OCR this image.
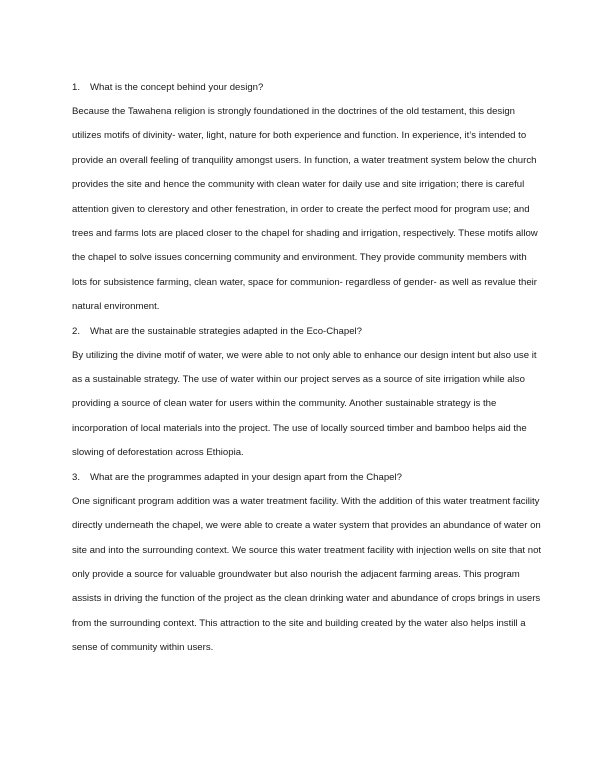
1. What is the concept behind your design?
Because the Tawahena religion is strongly foundationed in the doctrines of the old testament, this design utilizes motifs of divinity- water, light, nature for both experience and function. In experience, it’s intended to provide an overall feeling of tranquility amongst users. In function, a water treatment system below the church provides the site and hence the community with clean water for daily use and site irrigation; there is careful attention given to clerestory and other fenestration, in order to create the perfect mood for program use; and trees and farms lots are placed closer to the chapel for shading and irrigation, respectively. These motifs allow the chapel to solve issues concerning community and environment. They provide community members with lots for subsistence farming, clean water, space for communion- regardless of gender- as well as revalue their natural environment.
2. What are the sustainable strategies adapted in the Eco-Chapel?
By utilizing the divine motif of water, we were able to not only able to enhance our design intent but also use it as a sustainable strategy. The use of water within our project serves as a source of site irrigation while also providing a source of clean water for users within the community. Another sustainable strategy is the incorporation of local materials into the project. The use of locally sourced timber and bamboo helps aid the slowing of deforestation across Ethiopia.
3. What are the programmes adapted in your design apart from the Chapel?
One significant program addition was a water treatment facility. With the addition of this water treatment facility directly underneath the chapel, we were able to create a water system that provides an abundance of water on site and into the surrounding context. We source this water treatment facility with injection wells on site that not only provide a source for valuable groundwater but also nourish the adjacent farming areas. This program assists in driving the function of the project as the clean drinking water and abundance of crops brings in users from the surrounding context. This attraction to the site and building created by the water also helps instill a sense of community within users.
